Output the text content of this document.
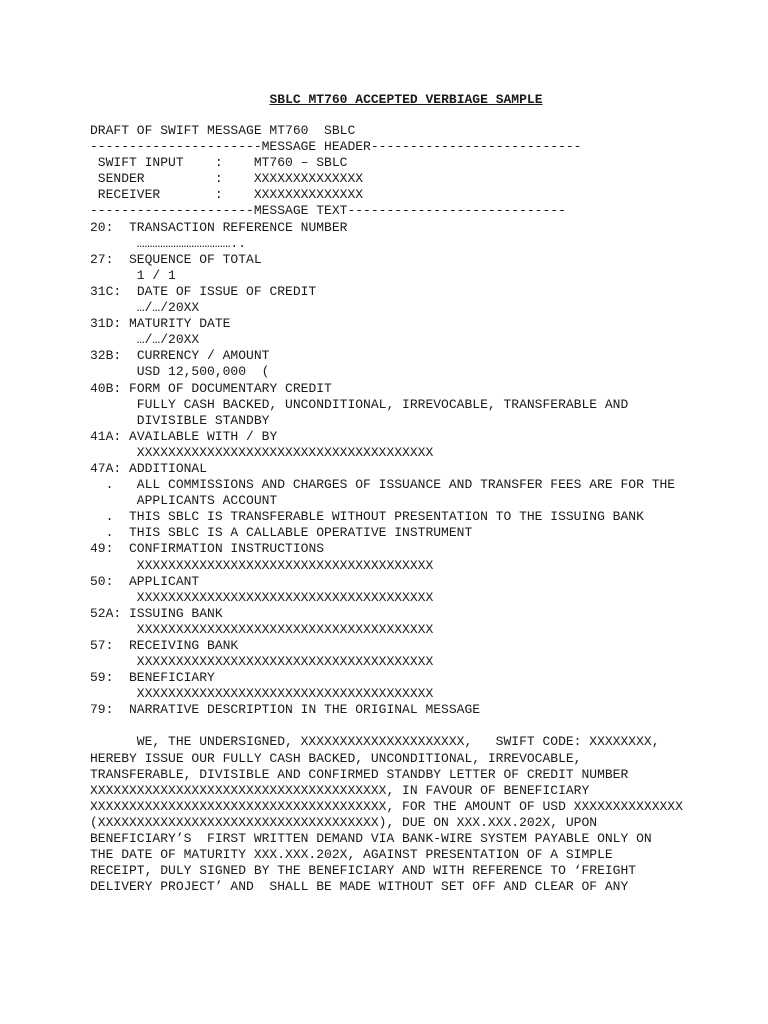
SBLC MT760 ACCEPTED VERBIAGE SAMPLE
DRAFT OF SWIFT MESSAGE MT760  SBLC
----------------------MESSAGE HEADER---------------------------
SWIFT INPUT    :    MT760 – SBLC
SENDER         :    XXXXXXXXXXXXXX
RECEIVER       :    XXXXXXXXXXXXXX
---------------------MESSAGE TEXT----------------------------
20:  TRANSACTION REFERENCE NUMBER
………………………………..
27:  SEQUENCE OF TOTAL
1 / 1
31C:  DATE OF ISSUE OF CREDIT
…/…/20XX
31D: MATURITY DATE
…/…/20XX
32B:  CURRENCY / AMOUNT
USD 12,500,000  (
40B: FORM OF DOCUMENTARY CREDIT
FULLY CASH BACKED, UNCONDITIONAL, IRREVOCABLE, TRANSFERABLE AND
DIVISIBLE STANDBY
41A: AVAILABLE WITH / BY
XXXXXXXXXXXXXXXXXXXXXXXXXXXXXXXXXXXXXX
47A: ADDITIONAL
.   ALL COMMISSIONS AND CHARGES OF ISSUANCE AND TRANSFER FEES ARE FOR THE
APPLICANTS ACCOUNT
.  THIS SBLC IS TRANSFERABLE WITHOUT PRESENTATION TO THE ISSUING BANK
.  THIS SBLC IS A CALLABLE OPERATIVE INSTRUMENT
49:  CONFIRMATION INSTRUCTIONS
XXXXXXXXXXXXXXXXXXXXXXXXXXXXXXXXXXXXXX
50:  APPLICANT
XXXXXXXXXXXXXXXXXXXXXXXXXXXXXXXXXXXXXX
52A: ISSUING BANK
XXXXXXXXXXXXXXXXXXXXXXXXXXXXXXXXXXXXXX
57:  RECEIVING BANK
XXXXXXXXXXXXXXXXXXXXXXXXXXXXXXXXXXXXXX
59:  BENEFICIARY
XXXXXXXXXXXXXXXXXXXXXXXXXXXXXXXXXXXXXX
79:  NARRATIVE DESCRIPTION IN THE ORIGINAL MESSAGE
WE, THE UNDERSIGNED, XXXXXXXXXXXXXXXXXXXXX,   SWIFT CODE: XXXXXXXX,
HEREBY ISSUE OUR FULLY CASH BACKED, UNCONDITIONAL, IRREVOCABLE,
TRANSFERABLE, DIVISIBLE AND CONFIRMED STANDBY LETTER OF CREDIT NUMBER
XXXXXXXXXXXXXXXXXXXXXXXXXXXXXXXXXXXXXX, IN FAVOUR OF BENEFICIARY
XXXXXXXXXXXXXXXXXXXXXXXXXXXXXXXXXXXXXX, FOR THE AMOUNT OF USD XXXXXXXXXXXXXX
(XXXXXXXXXXXXXXXXXXXXXXXXXXXXXXXXXXXX), DUE ON XXX.XXX.202X, UPON
BENEFICIARY’S  FIRST WRITTEN DEMAND VIA BANK-WIRE SYSTEM PAYABLE ONLY ON
THE DATE OF MATURITY XXX.XXX.202X, AGAINST PRESENTATION OF A SIMPLE
RECEIPT, DULY SIGNED BY THE BENEFICIARY AND WITH REFERENCE TO ‘FREIGHT
DELIVERY PROJECT’ AND  SHALL BE MADE WITHOUT SET OFF AND CLEAR OF ANY
